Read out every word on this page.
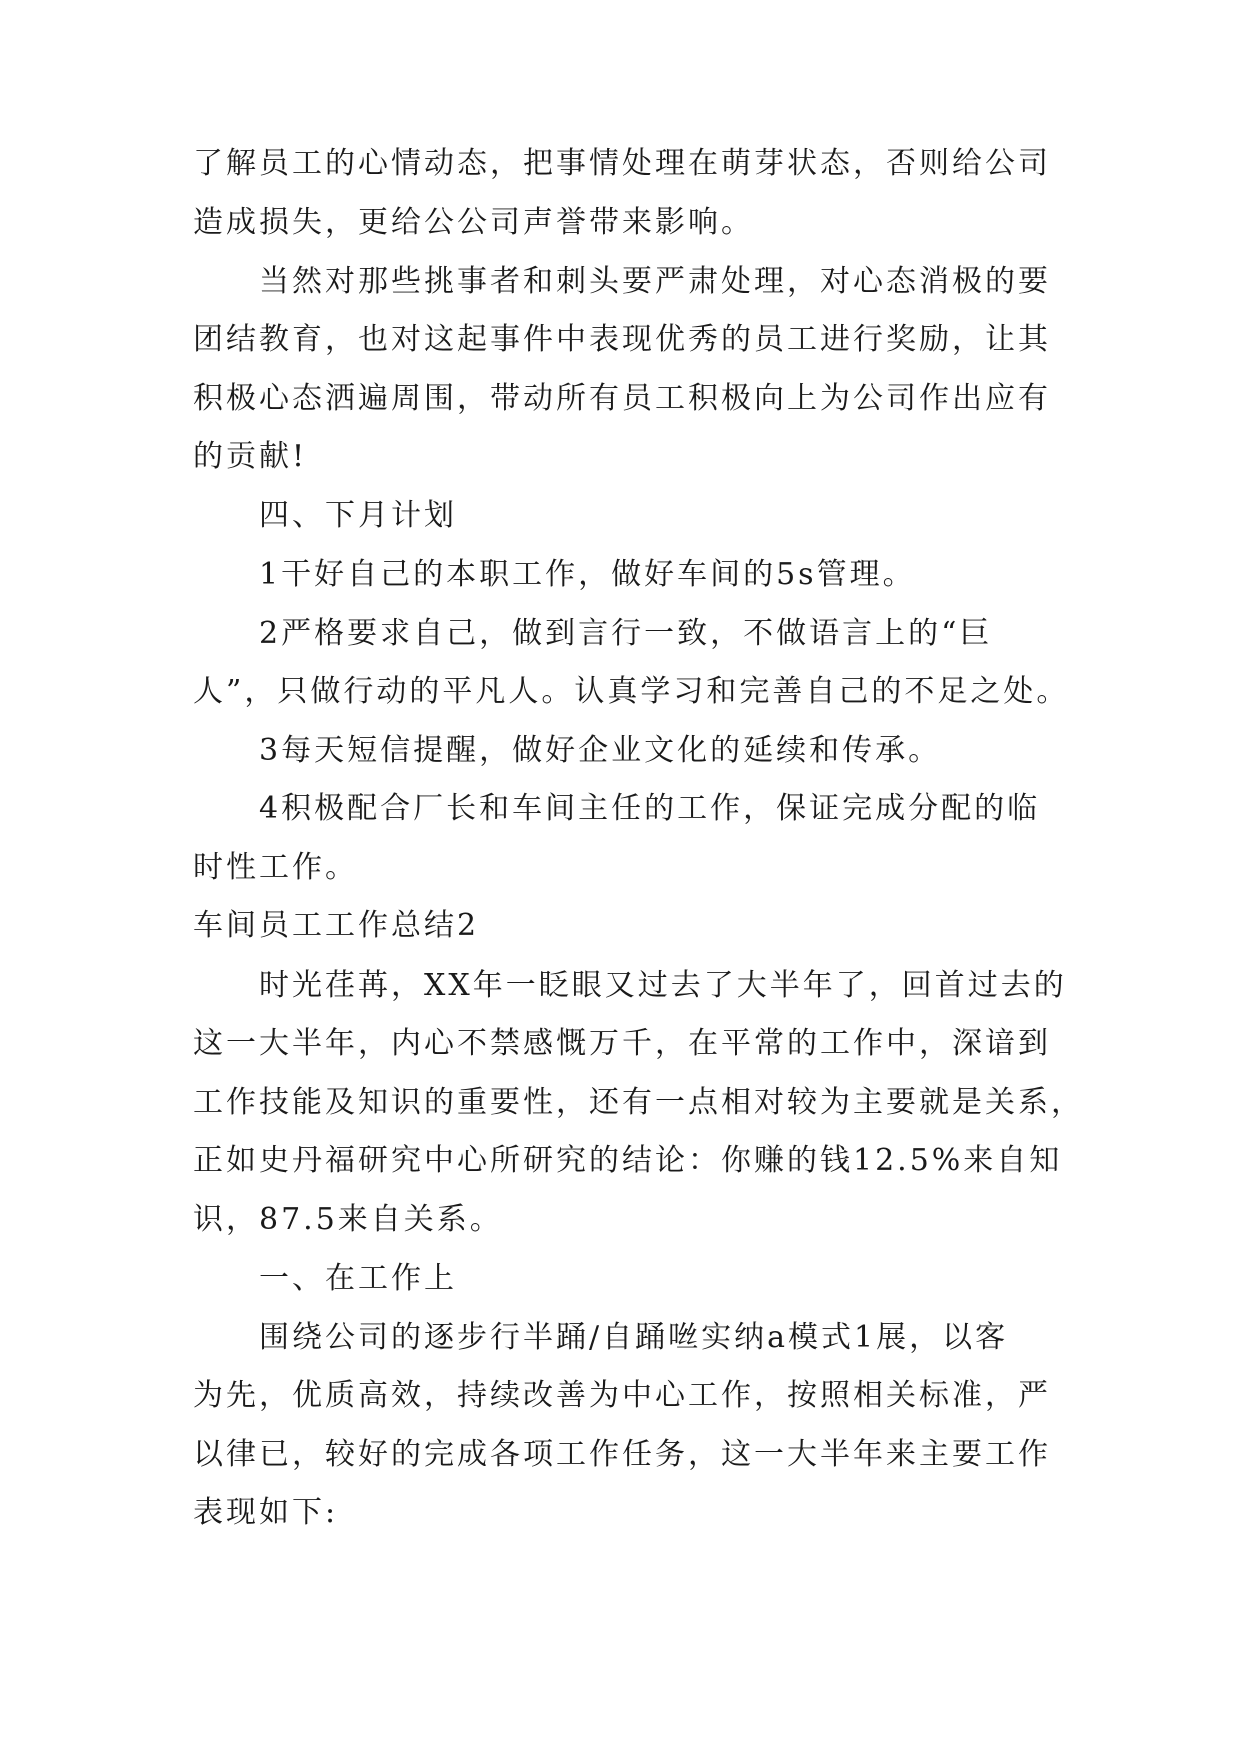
了解员工的心情动态，把事情处理在萌芽状态，否则给公司
造成损失，更给公公司声誉带来影响。
当然对那些挑事者和刺头要严肃处理，对心态消极的要
团结教育，也对这起事件中表现优秀的员工进行奖励，让其
积极心态洒遍周围，带动所有员工积极向上为公司作出应有
的贡献!
四、下月计划
1干好自己的本职工作，做好车间的5s管理。
2严格要求自己，做到言行一致，不做语言上的“巨
人”，只做行动的平凡人。认真学习和完善自己的不足之处。
3每天短信提醒，做好企业文化的延续和传承。
4积极配合厂长和车间主任的工作，保证完成分配的临
时性工作。
车间员工工作总结2
时光荏苒，XX年一眨眼又过去了大半年了，回首过去的
这一大半年，内心不禁感慨万千，在平常的工作中，深谙到
工作技能及知识的重要性，还有一点相对较为主要就是关系，
正如史丹福研究中心所研究的结论：你赚的钱12.5%来自知
识，87.5来自关系。
一、在工作上
围绕公司的逐步行半踊/自踊咝实纳a模式1展，以客
为先，优质高效，持续改善为中心工作，按照相关标准，严
以律已，较好的完成各项工作任务，这一大半年来主要工作
表现如下:
